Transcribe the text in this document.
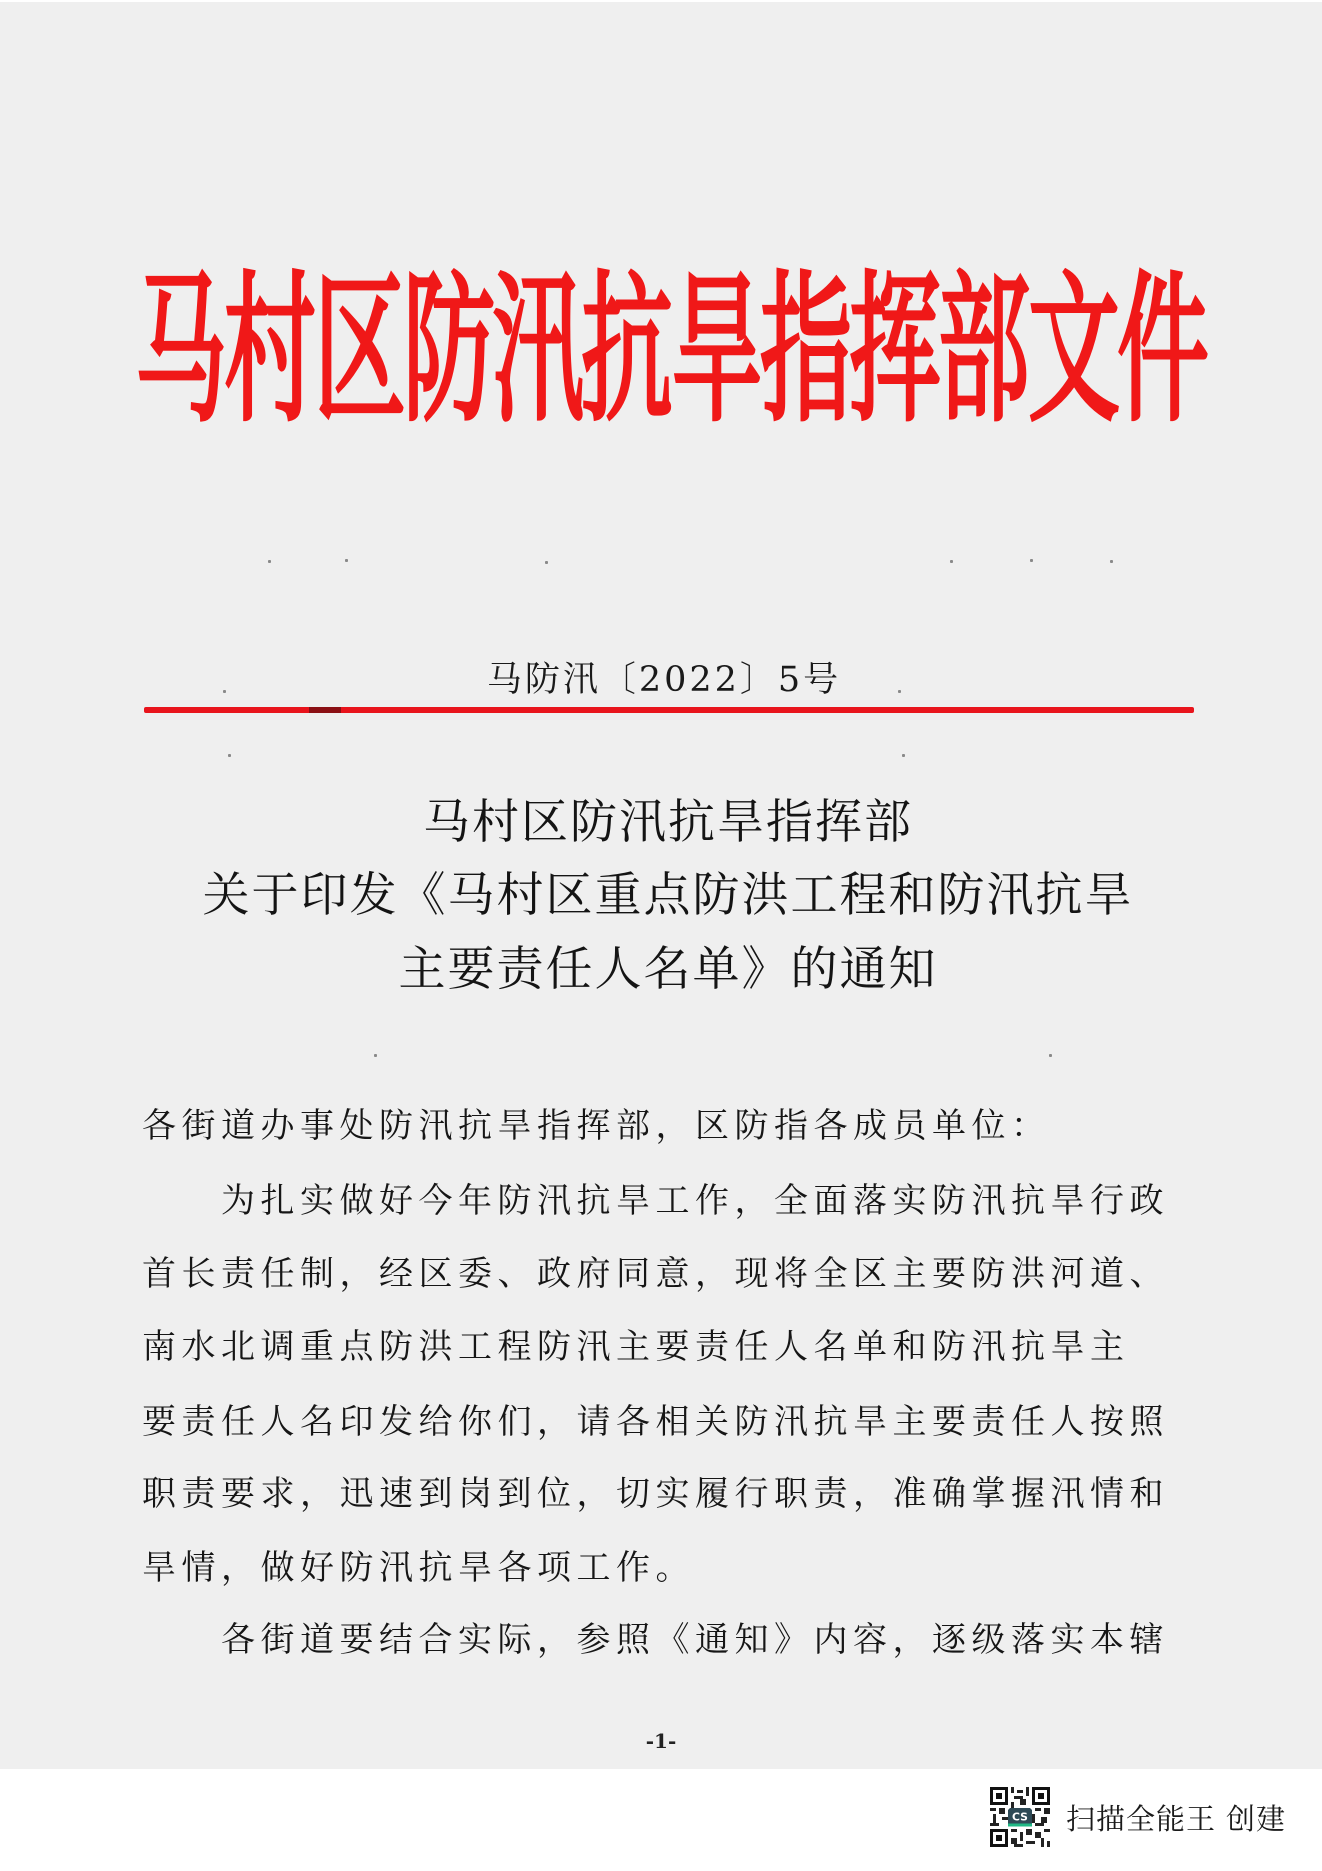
马
村
区
防
汛
抗
旱
指
挥
部
文
件
马防汛〔2022〕5号
马村区防汛抗旱指挥部
关于印发《马村区重点防洪工程和防汛抗旱
主要责任人名单》的通知
各街道办事处防汛抗旱指挥部，区防指各成员单位：
为扎实做好今年防汛抗旱工作，全面落实防汛抗旱行政
首长责任制，经区委、政府同意，现将全区主要防洪河道、
南水北调重点防洪工程防汛主要责任人名单和防汛抗旱主
要责任人名印发给你们，请各相关防汛抗旱主要责任人按照
职责要求，迅速到岗到位，切实履行职责，准确掌握汛情和
旱情，做好防汛抗旱各项工作。
各街道要结合实际，参照《通知》内容，逐级落实本辖
-1-
CS 扫描全能王 创建
